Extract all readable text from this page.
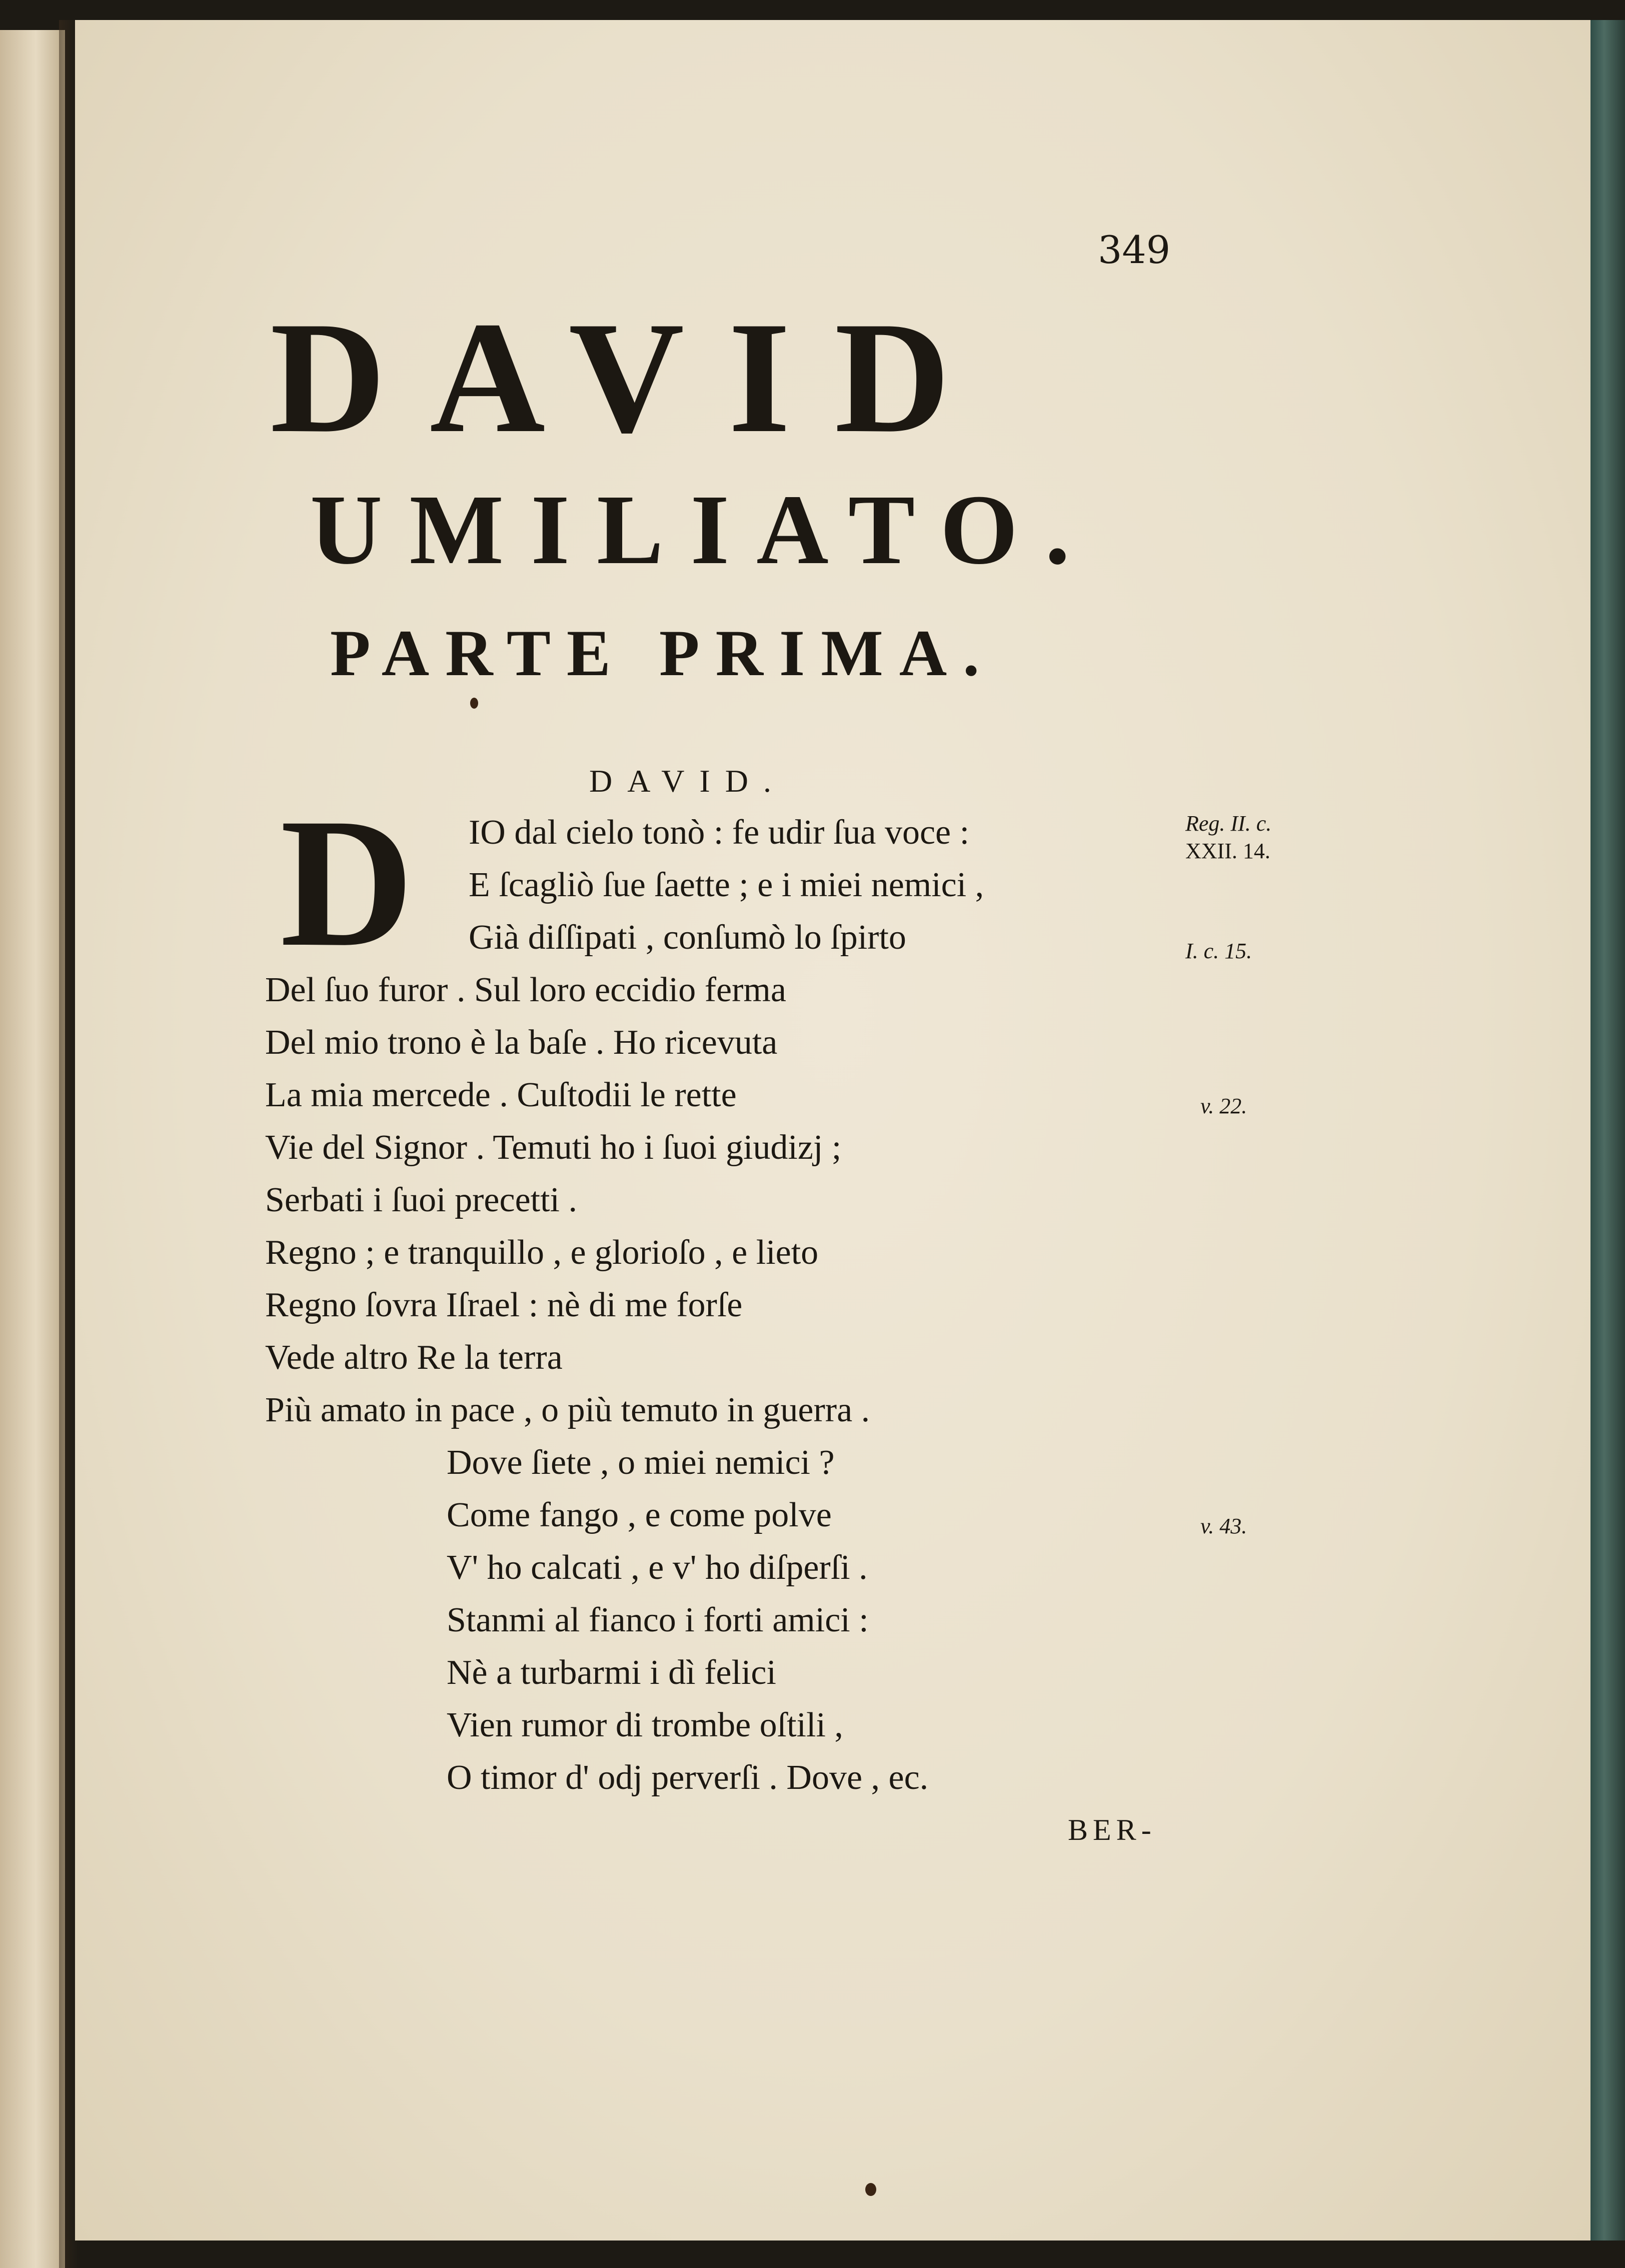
349
DAVID
UMILIATO.
PARTE PRIMA.
DAVID.
D IO dal cielo tonò : fe udir ſua voce :
E ſcagliò ſue ſaette ; e i miei nemici ,
Già diſſipati , conſumò lo ſpirto
Del ſuo furor . Sul loro eccidio ferma
Del mio trono è la baſe . Ho ricevuta
La mia mercede . Cuſtodii le rette
Vie del Signor . Temuti ho i ſuoi giudizj ;
Serbati i ſuoi precetti .
Regno ; e tranquillo , e glorioſo , e lieto
Regno ſovra Iſrael : nè di me forſe
Vede altro Re la terra
Più amato in pace , o più temuto in guerra .
Dove ſiete , o miei nemici ?
Come fango , e come polve
V' ho calcati , e v' ho diſperſi .
Stanmi al fianco i forti amici :
Nè a turbarmi i dì felici
Vien rumor di trombe oſtili ,
O timor d' odj perverſi . Dove , ec.
Reg. II. c.
XXII. 14.
I. c. 15.
v. 22.
v. 43.
BER-
